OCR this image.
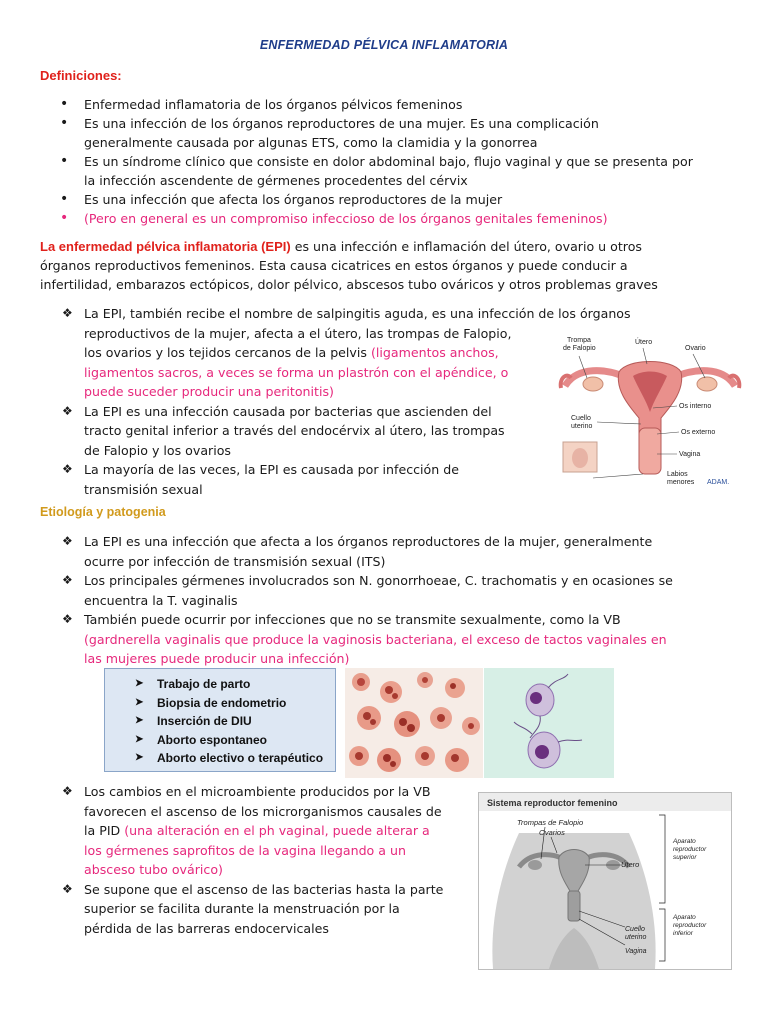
ENFERMEDAD PÉLVICA INFLAMATORIA
Definiciones:
• Enfermedad inflamatoria de los órganos pélvicos femeninos
• Es una infección de los órganos reproductores de una mujer. Es una complicación
generalmente causada por algunas ETS, como la clamidia y la gonorrea
• Es un síndrome clínico que consiste en dolor abdominal bajo, flujo vaginal y que se presenta por
la infección ascendente de gérmenes procedentes del cérvix
• Es una infección que afecta los órganos reproductores de la mujer
• (Pero en general es un compromiso infeccioso de los órganos genitales femeninos)
La enfermedad pélvica inflamatoria (EPI) es una infección e inflamación del útero, ovario u otros
órganos reproductivos femeninos. Esta causa cicatrices en estos órganos y puede conducir a
infertilidad, embarazos ectópicos, dolor pélvico, abscesos tubo ováricos y otros problemas graves
❖ La EPI, también recibe el nombre de salpingitis aguda, es una infección de los órganos
reproductivos de la mujer, afecta a el útero, las trompas de Falopio,
los ovarios y los tejidos cercanos de la pelvis (ligamentos anchos,
ligamentos sacros, a veces se forma un plastrón con el apéndice, o
puede suceder producir una peritonitis)
❖ La EPI es una infección causada por bacterias que ascienden del
tracto genital inferior a través del endocérvix al útero, las trompas
de Falopio y los ovarios
❖ La mayoría de las veces, la EPI es causada por infección de
transmisión sexual
Trompa
de Falopio
Útero
Ovario
Os interno
Cuello
uterino
Os externo
Vagina
Labios
menores ADAM.
Etiología y patogenia
❖ La EPI es una infección que afecta a los órganos reproductores de la mujer, generalmente
ocurre por infección de transmisión sexual (ITS)
❖ Los principales gérmenes involucrados son N. gonorrhoeae, C. trachomatis y en ocasiones se
encuentra la T. vaginalis
❖ También puede ocurrir por infecciones que no se transmite sexualmente, como la VB
(gardnerella vaginalis que produce la vaginosis bacteriana, el exceso de tactos vaginales en
las mujeres puede producir una infección)
➤ Trabajo de parto
➤ Biopsia de endometrio
➤ Inserción de DIU
➤ Aborto espontaneo
➤ Aborto electivo o terapéutico
❖ Los cambios en el microambiente producidos por la VB
favorecen el ascenso de los microrganismos causales de
la PID (una alteración en el ph vaginal, puede alterar a
los gérmenes saprofitos de la vagina llegando a un
absceso tubo ovárico)
❖ Se supone que el ascenso de las bacterias hasta la parte
superior se facilita durante la menstruación por la
pérdida de las barreras endocervicales
Sistema reproductor femenino
Trompas de Falopio
Ovarios
Útero
Cuello
uterino
Vagina
Aparato
reproductor
superior
Aparato
reproductor
inferior
